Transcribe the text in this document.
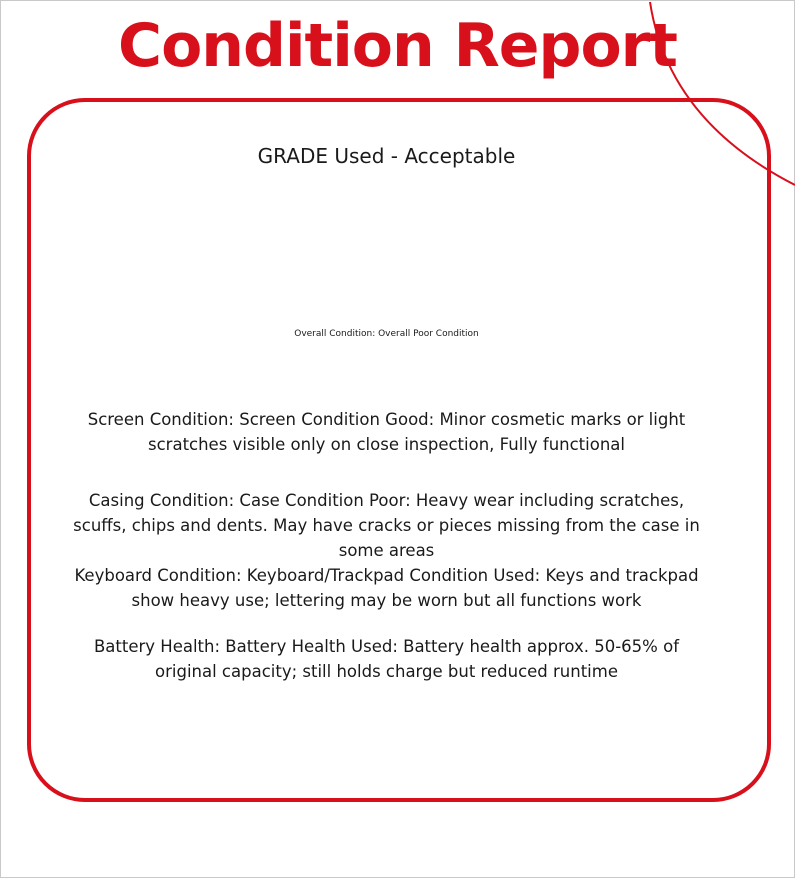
Condition Report

GRADE Used - Acceptable

Overall Condition: Overall Poor Condition

Screen Condition: Screen Condition Good: Minor cosmetic marks or light scratches visible only on close inspection, Fully functional

Casing Condition: Case Condition Poor: Heavy wear including scratches, scuffs, chips and dents. May have cracks or pieces missing from the case in some areas

Keyboard Condition: Keyboard/Trackpad Condition Used: Keys and trackpad show heavy use; lettering may be worn but all functions work

Battery Health: Battery Health Used: Battery health approx. 50-65% of original capacity; still holds charge but reduced runtime
